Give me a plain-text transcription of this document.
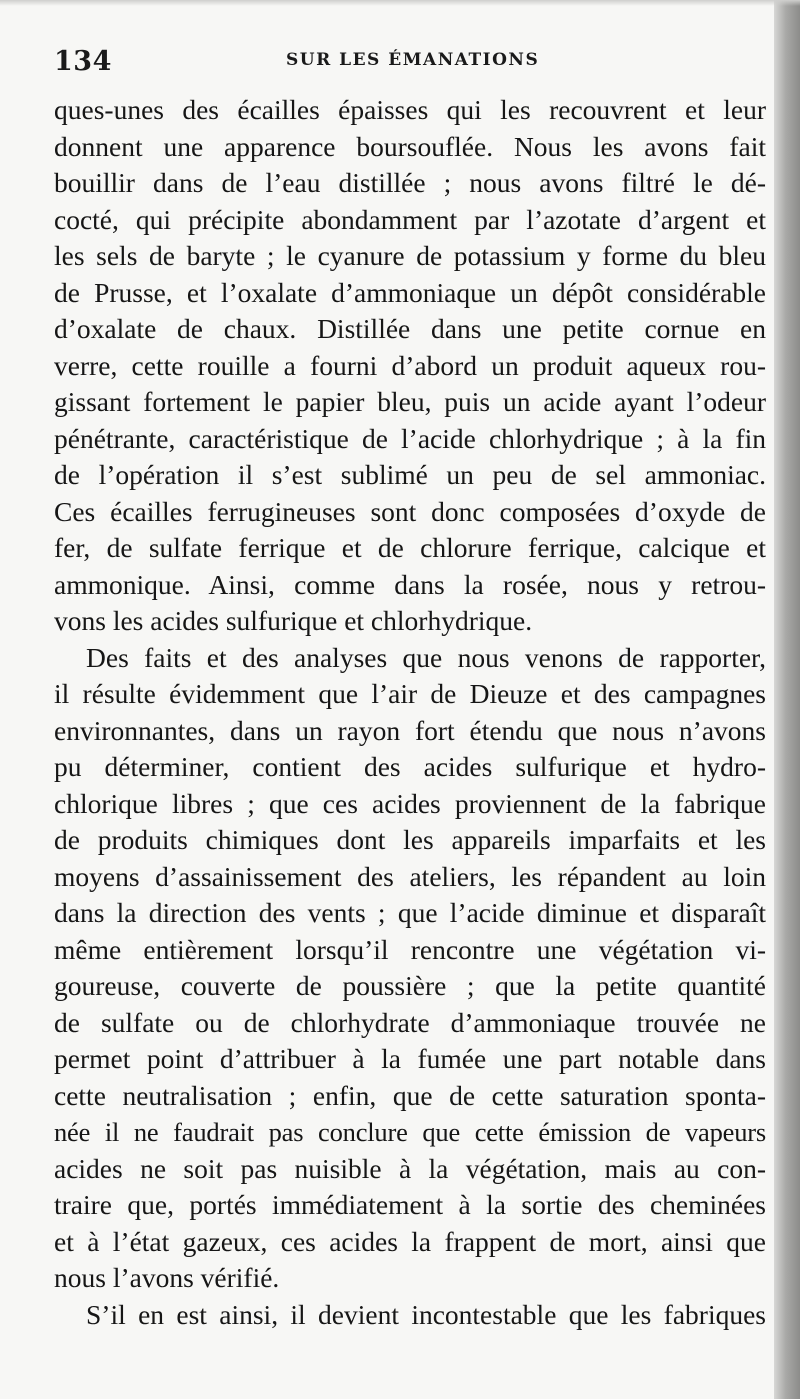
134	SUR LES ÉMANATIONS
ques-unes des écailles épaisses qui les recouvrent et leur
donnent une apparence boursouflée. Nous les avons fait
bouillir dans de l’eau distillée ; nous avons filtré le dé-
cocté, qui précipite abondamment par l’azotate d’argent et
les sels de baryte ; le cyanure de potassium y forme du bleu
de Prusse, et l’oxalate d’ammoniaque un dépôt considérable
d’oxalate de chaux. Distillée dans une petite cornue en
verre, cette rouille a fourni d’abord un produit aqueux rou-
gissant fortement le papier bleu, puis un acide ayant l’odeur
pénétrante, caractéristique de l’acide chlorhydrique ; à la fin
de l’opération il s’est sublimé un peu de sel ammoniac.
Ces écailles ferrugineuses sont donc composées d’oxyde de
fer, de sulfate ferrique et de chlorure ferrique, calcique et
ammonique. Ainsi, comme dans la rosée, nous y retrou-
vons les acides sulfurique et chlorhydrique.
Des faits et des analyses que nous venons de rapporter,
il résulte évidemment que l’air de Dieuze et des campagnes
environnantes, dans un rayon fort étendu que nous n’avons
pu déterminer, contient des acides sulfurique et hydro-
chlorique libres ; que ces acides proviennent de la fabrique
de produits chimiques dont les appareils imparfaits et les
moyens d’assainissement des ateliers, les répandent au loin
dans la direction des vents ; que l’acide diminue et disparaît
même entièrement lorsqu’il rencontre une végétation vi-
goureuse, couverte de poussière ; que la petite quantité
de sulfate ou de chlorhydrate d’ammoniaque trouvée ne
permet point d’attribuer à la fumée une part notable dans
cette neutralisation ; enfin, que de cette saturation sponta-
née il ne faudrait pas conclure que cette émission de vapeurs
acides ne soit pas nuisible à la végétation, mais au con-
traire que, portés immédiatement à la sortie des cheminées
et à l’état gazeux, ces acides la frappent de mort, ainsi que
nous l’avons vérifié.
S’il en est ainsi, il devient incontestable que les fabriques
